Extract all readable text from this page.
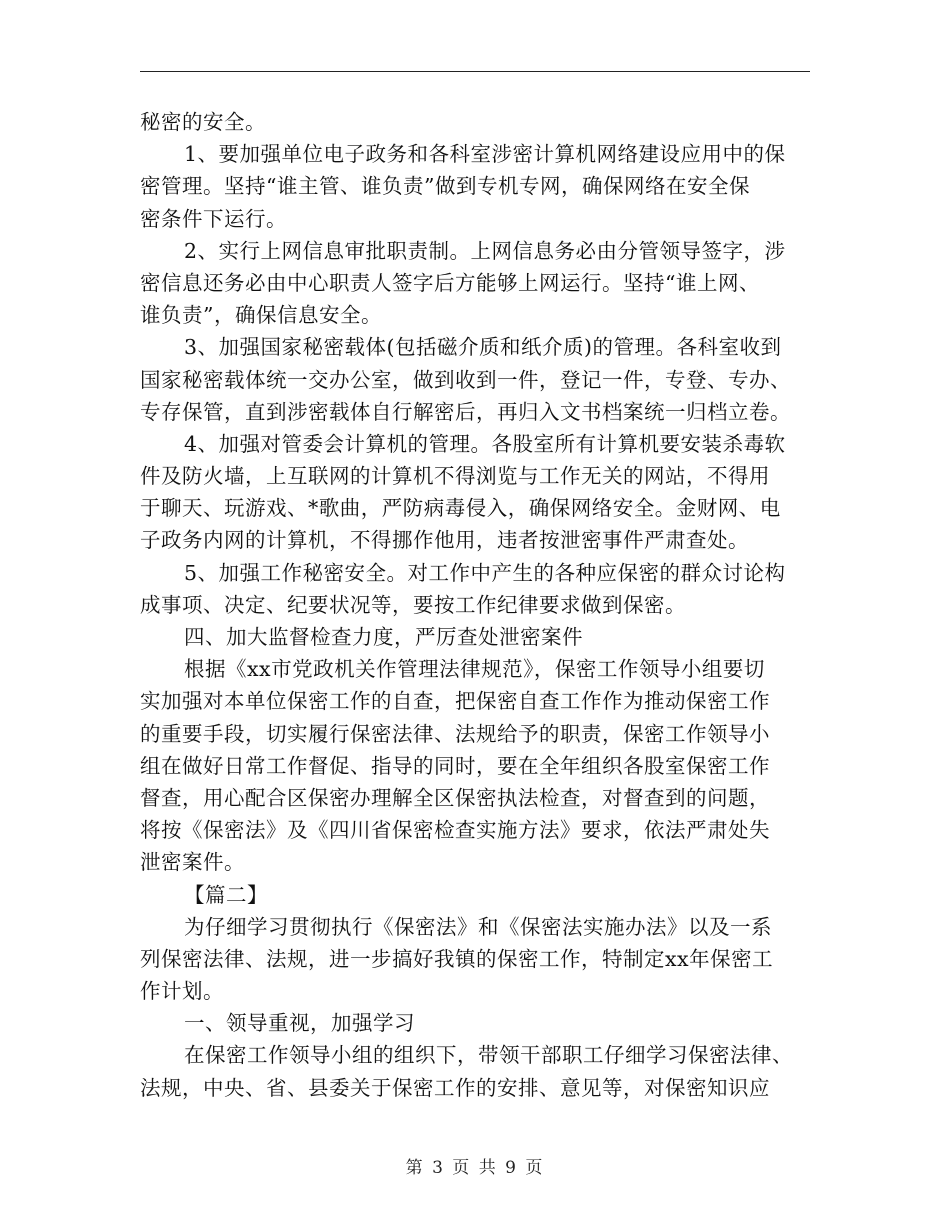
秘密的安全。
1、要加强单位电子政务和各科室涉密计算机网络建设应用中的保
密管理。坚持“谁主管、谁负责”做到专机专网，确保网络在安全保
密条件下运行。
2、实行上网信息审批职责制。上网信息务必由分管领导签字，涉
密信息还务必由中心职责人签字后方能够上网运行。坚持“谁上网、
谁负责”，确保信息安全。
3、加强国家秘密载体(包括磁介质和纸介质)的管理。各科室收到
国家秘密载体统一交办公室，做到收到一件，登记一件，专登、专办、
专存保管，直到涉密载体自行解密后，再归入文书档案统一归档立卷。
4、加强对管委会计算机的管理。各股室所有计算机要安装杀毒软
件及防火墙，上互联网的计算机不得浏览与工作无关的网站，不得用
于聊天、玩游戏、*歌曲，严防病毒侵入，确保网络安全。金财网、电
子政务内网的计算机，不得挪作他用，违者按泄密事件严肃查处。
5、加强工作秘密安全。对工作中产生的各种应保密的群众讨论构
成事项、决定、纪要状况等，要按工作纪律要求做到保密。
四、加大监督检查力度，严厉查处泄密案件
根据《xx市党政机关作管理法律规范》，保密工作领导小组要切
实加强对本单位保密工作的自查，把保密自查工作作为推动保密工作
的重要手段，切实履行保密法律、法规给予的职责，保密工作领导小
组在做好日常工作督促、指导的同时，要在全年组织各股室保密工作
督查，用心配合区保密办理解全区保密执法检查，对督查到的问题，
将按《保密法》及《四川省保密检查实施方法》要求，依法严肃处失
泄密案件。
【篇二】
为仔细学习贯彻执行《保密法》和《保密法实施办法》以及一系
列保密法律、法规，进一步搞好我镇的保密工作，特制定xx年保密工
作计划。
一、领导重视，加强学习
在保密工作领导小组的组织下，带领干部职工仔细学习保密法律、
法规，中央、省、县委关于保密工作的安排、意见等，对保密知识应
第 3 页 共 9 页
